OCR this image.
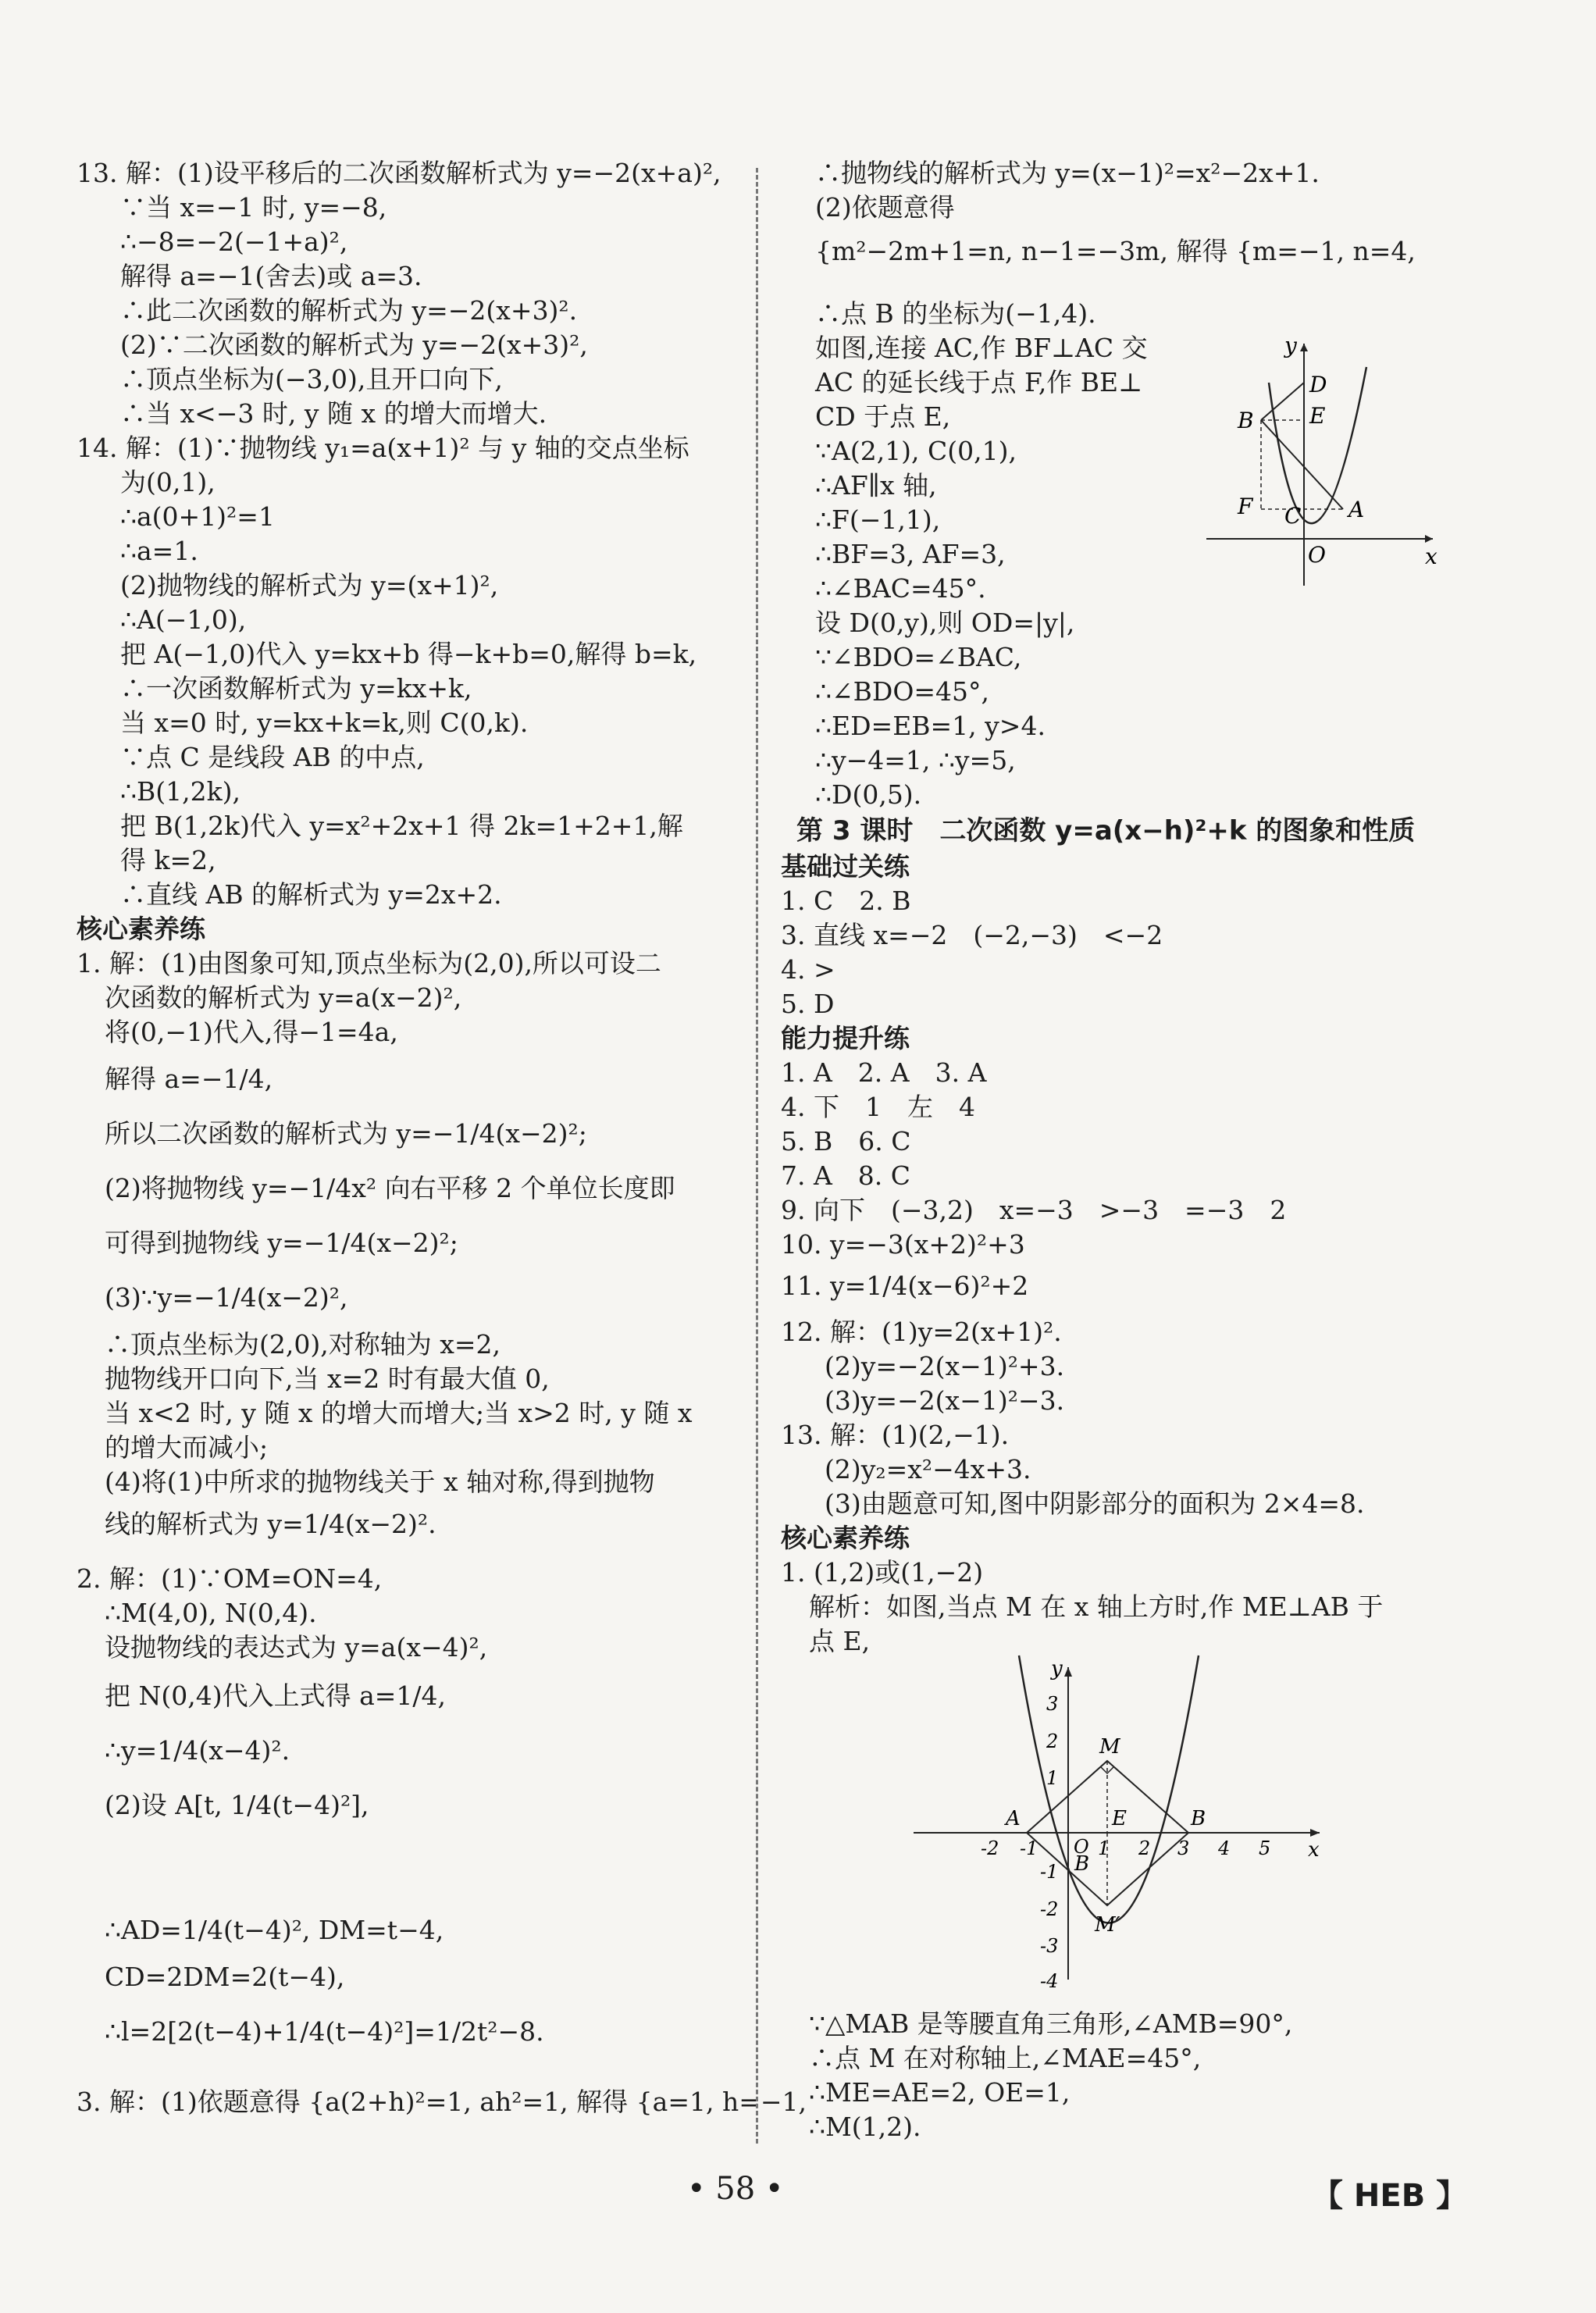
13. 解：(1)设平移后的二次函数解析式为 y=−2(x+a)²,
∵当 x=−1 时, y=−8,
∴−8=−2(−1+a)²,
解得 a=−1(舍去)或 a=3.
∴此二次函数的解析式为 y=−2(x+3)².
(2)∵二次函数的解析式为 y=−2(x+3)²,
∴顶点坐标为(−3,0),且开口向下,
∴当 x<−3 时, y 随 x 的增大而增大.
14. 解：(1)∵抛物线 y₁=a(x+1)² 与 y 轴的交点坐标
为(0,1),
∴a(0+1)²=1
∴a=1.
(2)抛物线的解析式为 y=(x+1)²,
∴A(−1,0),
把 A(−1,0)代入 y=kx+b 得−k+b=0,解得 b=k,
∴一次函数解析式为 y=kx+k,
当 x=0 时, y=kx+k=k,则 C(0,k).
∵点 C 是线段 AB 的中点,
∴B(1,2k),
把 B(1,2k)代入 y=x²+2x+1 得 2k=1+2+1,解
得 k=2,
∴直线 AB 的解析式为 y=2x+2.
核心素养练
1. 解：(1)由图象可知,顶点坐标为(2,0),所以可设二
次函数的解析式为 y=a(x−2)²,
将(0,−1)代入,得−1=4a,
解得 a=−1/4,
所以二次函数的解析式为 y=−1/4(x−2)²;
(2)将抛物线 y=−1/4x² 向右平移 2 个单位长度即
可得到抛物线 y=−1/4(x−2)²;
(3)∵y=−1/4(x−2)²,
∴顶点坐标为(2,0),对称轴为 x=2,
抛物线开口向下,当 x=2 时有最大值 0,
当 x<2 时, y 随 x 的增大而增大;当 x>2 时, y 随 x
的增大而减小;
(4)将(1)中所求的抛物线关于 x 轴对称,得到抛物
线的解析式为 y=1/4(x−2)².
2. 解：(1)∵OM=ON=4,
∴M(4,0), N(0,4).
设抛物线的表达式为 y=a(x−4)²,
把 N(0,4)代入上式得 a=1/4,
∴y=1/4(x−4)².
(2)设 A[t, 1/4(t−4)²],
∴AD=1/4(t−4)², DM=t−4,
CD=2DM=2(t−4),
∴l=2[2(t−4)+1/4(t−4)²]=1/2t²−8.
3. 解：(1)依题意得 {a(2+h)²=1, ah²=1, 解得 {a=1, h=−1,
∴抛物线的解析式为 y=(x−1)²=x²−2x+1.
(2)依题意得
{m²−2m+1=n, n−1=−3m, 解得 {m=−1, n=4,
∴点 B 的坐标为(−1,4).
如图,连接 AC,作 BF⊥AC 交
AC 的延长线于点 F,作 BE⊥
CD 于点 E,
∵A(2,1), C(0,1),
∴AF∥x 轴,
∴F(−1,1),
∴BF=3, AF=3,
∴∠BAC=45°.
设 D(0,y),则 OD=|y|,
∵∠BDO=∠BAC,
∴∠BDO=45°,
∴ED=EB=1, y>4.
∴y−4=1, ∴y=5,
∴D(0,5).
第 3 课时　二次函数 y=a(x−h)²+k 的图象和性质
基础过关练
1. C　2. B
3. 直线 x=−2　(−2,−3)　<−2
4. >
5. D
能力提升练
1. A　2. A　3. A
4. 下　1　左　4
5. B　6. C
7. A　8. C
9. 向下　(−3,2)　x=−3　>−3　=−3　2
10. y=−3(x+2)²+3
11. y=1/4(x−6)²+2
12. 解：(1)y=2(x+1)².
(2)y=−2(x−1)²+3.
(3)y=−2(x−1)²−3.
13. 解：(1)(2,−1).
(2)y₂=x²−4x+3.
(3)由题意可知,图中阴影部分的面积为 2×4=8.
核心素养练
1. (1,2)或(1,−2)
解析：如图,当点 M 在 x 轴上方时,作 ME⊥AB 于
点 E,
∵△MAB 是等腰直角三角形,∠AMB=90°,
∴点 M 在对称轴上,∠MAE=45°,
∴ME=AE=2, OE=1,
∴M(1,2).
y
x
B
D
E
F C A
O
y
x
M
M′
A	B
E
B
O
3
2
1
-1
-2
-3
-4
-2 -1	1 2 3 4 5
• 58 •	【 HEB 】
